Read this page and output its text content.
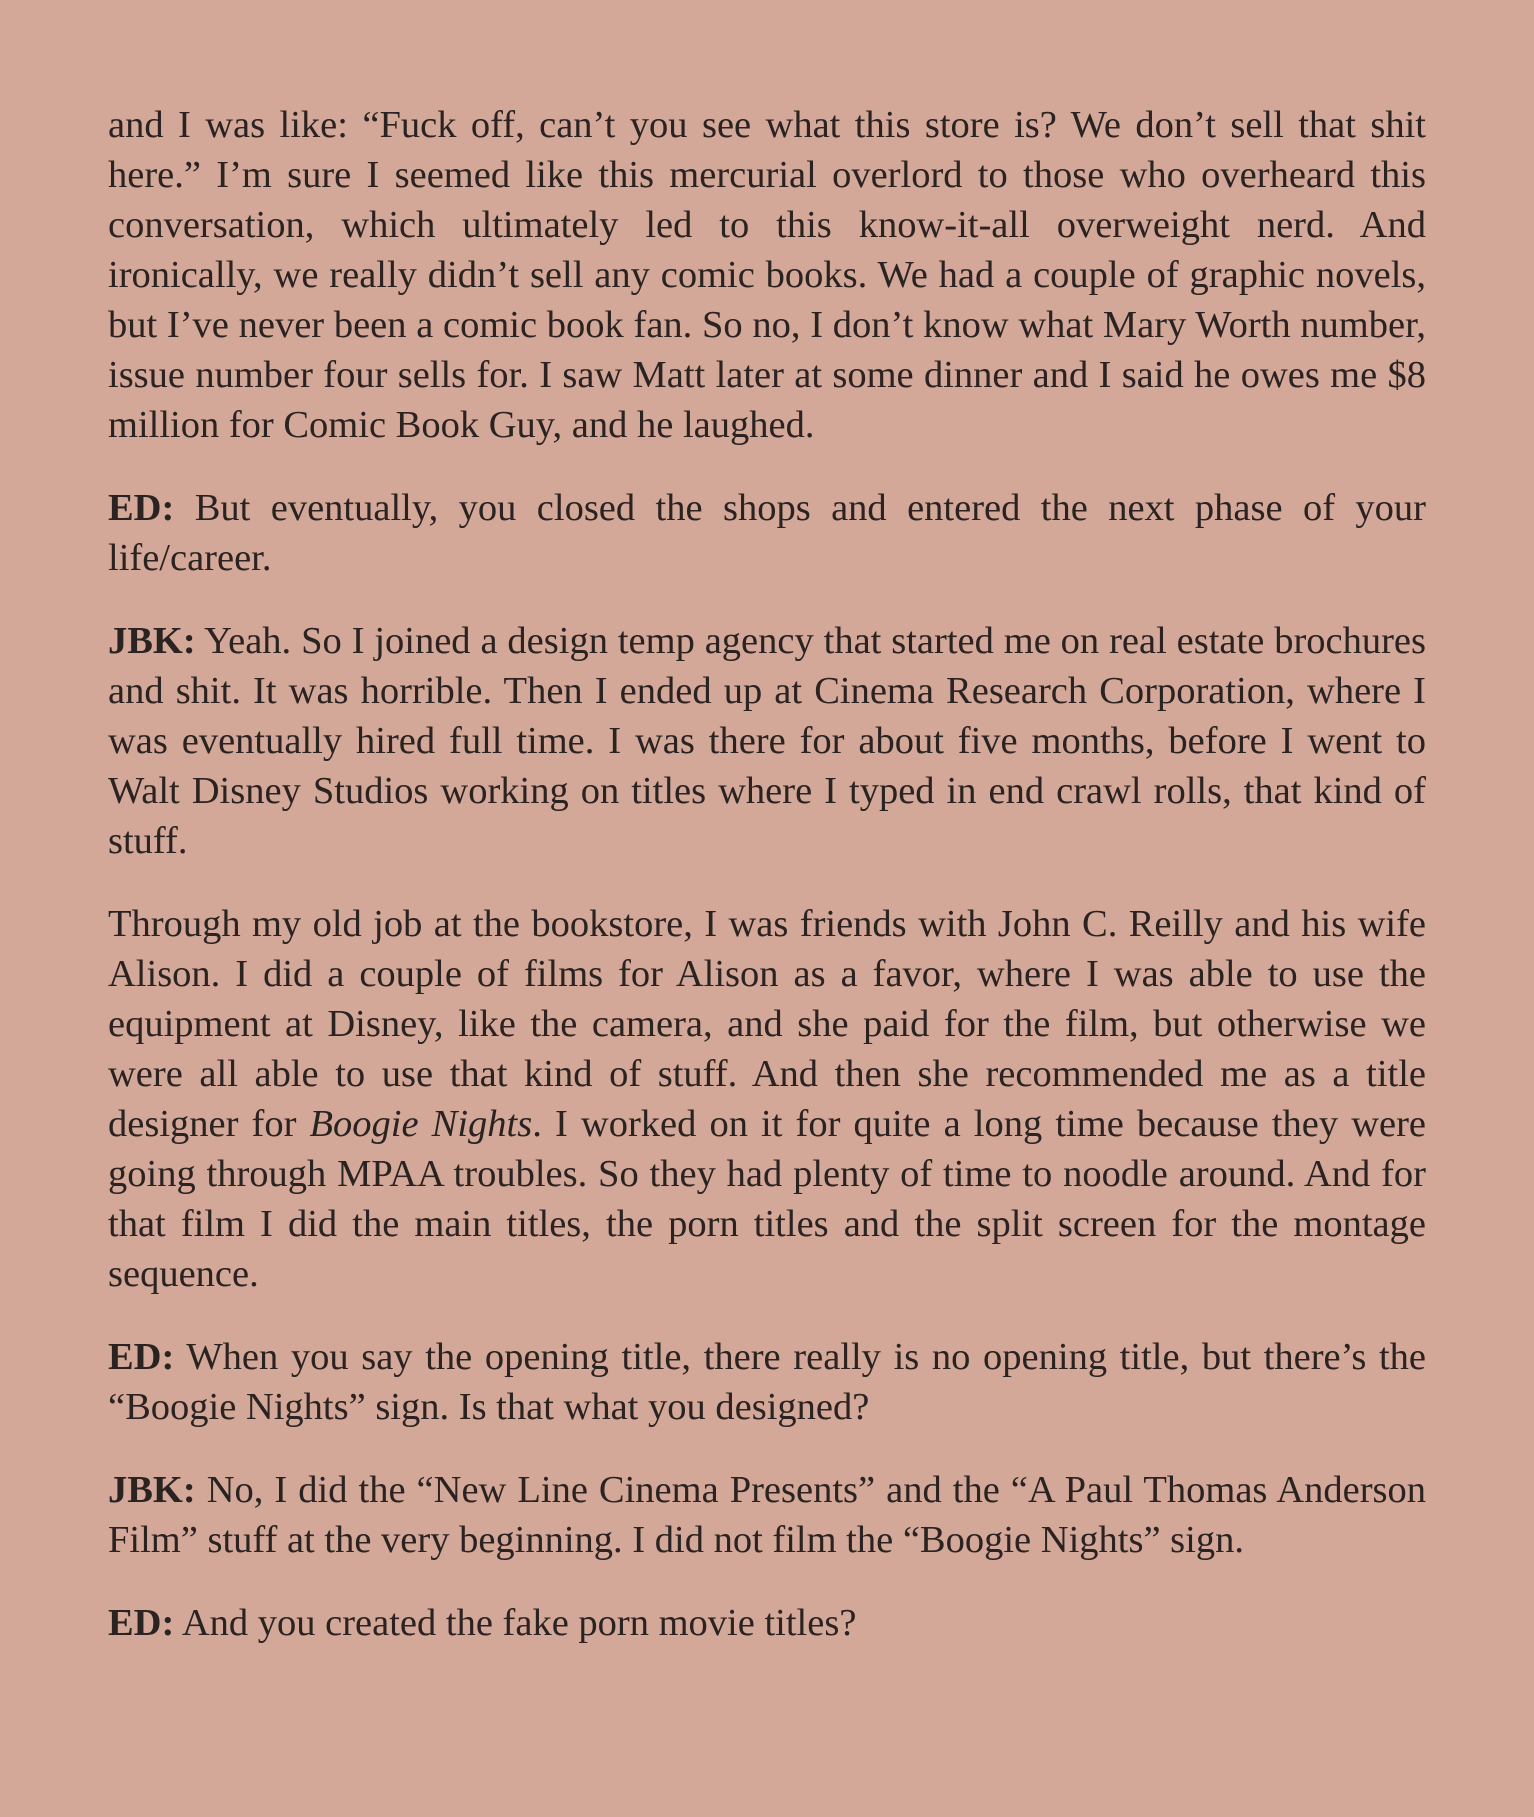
and I was like: “Fuck off, can’t you see what this store is? We don’t sell that shit here.” I’m sure I seemed like this mercurial overlord to those who overheard this conversation, which ultimately led to this know-it-all overweight nerd. And ironically, we really didn’t sell any comic books. We had a couple of graphic novels, but I’ve never been a comic book fan. So no, I don’t know what Mary Worth number, issue number four sells for. I saw Matt later at some dinner and I said he owes me $8 million for Comic Book Guy, and he laughed.

ED: But eventually, you closed the shops and entered the next phase of your life/career.

JBK: Yeah. So I joined a design temp agency that started me on real estate brochures and shit. It was horrible. Then I ended up at Cinema Research Corporation, where I was eventually hired full time. I was there for about five months, before I went to Walt Disney Studios working on titles where I typed in end crawl rolls, that kind of stuff.

Through my old job at the bookstore, I was friends with John C. Reilly and his wife Alison. I did a couple of films for Alison as a favor, where I was able to use the equipment at Disney, like the camera, and she paid for the film, but otherwise we were all able to use that kind of stuff. And then she recommended me as a title designer for Boogie Nights. I worked on it for quite a long time because they were going through MPAA troubles. So they had plenty of time to noodle around. And for that film I did the main titles, the porn titles and the split screen for the montage sequence.

ED: When you say the opening title, there really is no opening title, but there’s the “Boogie Nights” sign. Is that what you designed?

JBK: No, I did the “New Line Cinema Presents” and the “A Paul Thomas Anderson Film” stuff at the very beginning. I did not film the “Boogie Nights” sign.

ED: And you created the fake porn movie titles?
